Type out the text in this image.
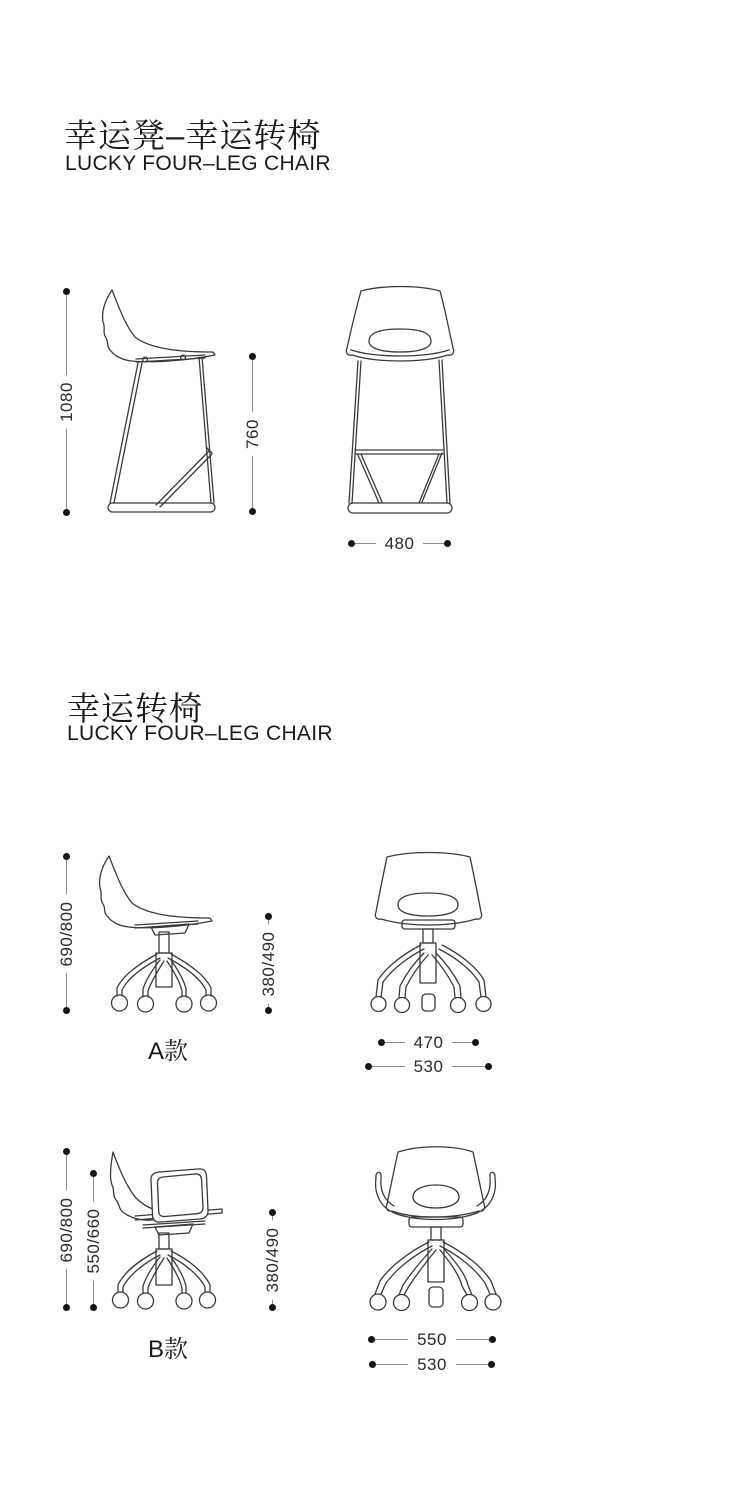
幸运凳–幸运转椅
LUCKY FOUR–LEG CHAIR
1080
760
480
幸运转椅
LUCKY FOUR–LEG CHAIR
A款
690/800	380/490
470
530
B款
690/800 550/660	380/490
550
530
